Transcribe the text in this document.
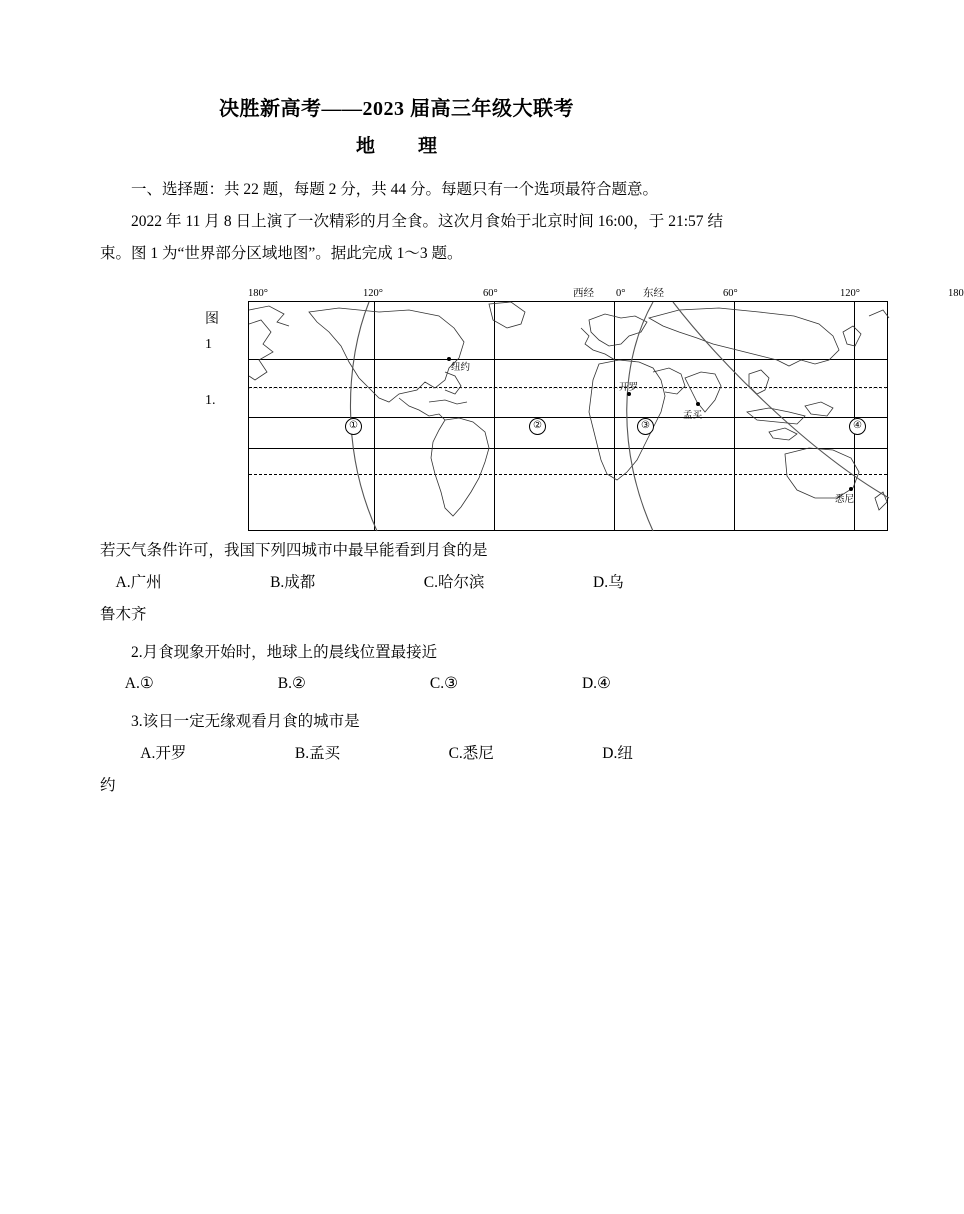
决胜新高考——2023 届高三年级大联考
地　理
一、选择题：共 22 题，每题 2 分，共 44 分。每题只有一个选项最符合题意。
2022 年 11 月 8 日上演了一次精彩的月全食。这次月食始于北京时间 16:00，于 21:57 结束。图 1 为“世界部分区域地图”。据此完成 1～3 题。
图
1
1.
180°	120°	60°	西经 0° 东经	60°	120°	180
纽约
开罗
孟买
悉尼
①	②	③	④
若天气条件许可，我国下列四城市中最早能看到月食的是
　A.广州　　　　　　　B.成都　　　　　　　C.哈尔滨　　　　　　　D.乌
鲁木齐
2.月食现象开始时，地球上的晨线位置最接近
A.①　　　　　　　　B.②　　　　　　　　C.③　　　　　　　　D.④
3.该日一定无缘观看月食的城市是
　A.开罗　　　　　　　B.孟买　　　　　　　C.悉尼　　　　　　　D.纽
约
